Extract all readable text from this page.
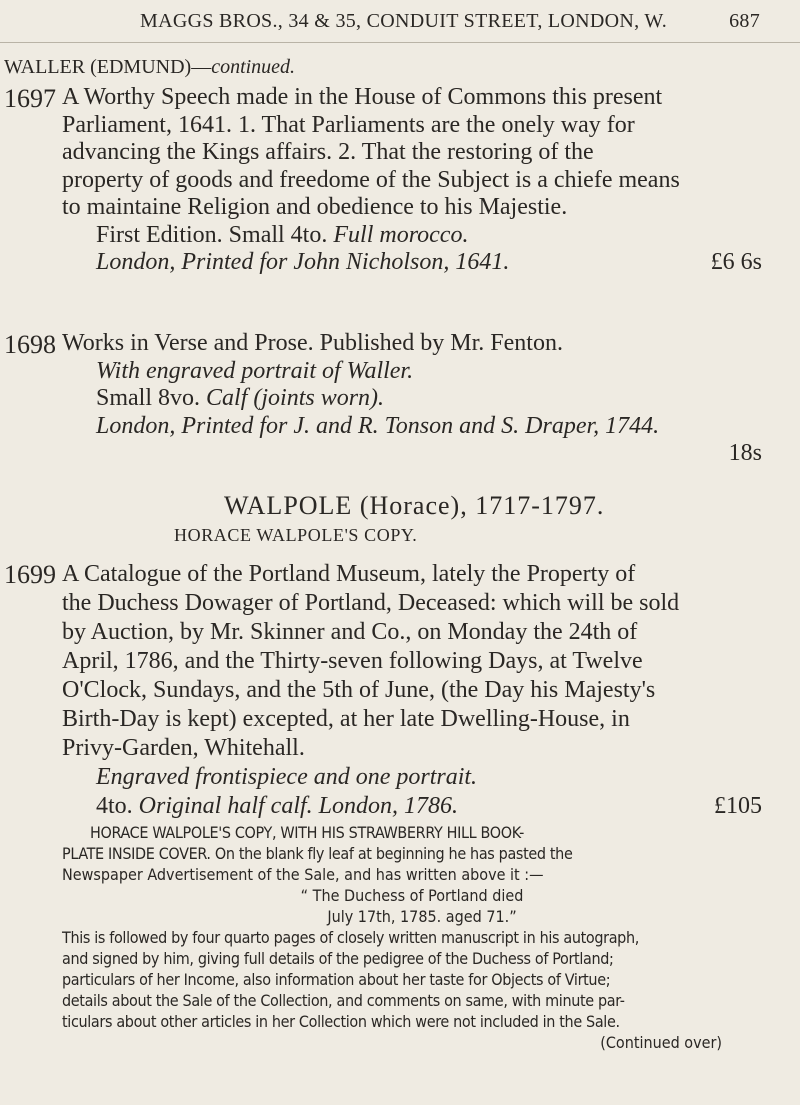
MAGGS BROS., 34 & 35, CONDUIT STREET, LONDON, W.	687
WALLER (EDMUND)—continued.
1697 A Worthy Speech made in the House of Commons this present
Parliament, 1641. 1. That Parliaments are the onely way for
advancing the Kings affairs. 2. That the restoring of the
property of goods and freedome of the Subject is a chiefe means
to maintaine Religion and obedience to his Majestie.
First Edition. Small 4to. Full morocco.
London, Printed for John Nicholson, 1641.	£6 6s
1698 Works in Verse and Prose. Published by Mr. Fenton.
With engraved portrait of Waller.
Small 8vo. Calf (joints worn).
London, Printed for J. and R. Tonson and S. Draper, 1744.
18s
WALPOLE (Horace), 1717-1797.
HORACE WALPOLE'S COPY.
1699 A Catalogue of the Portland Museum, lately the Property of
the Duchess Dowager of Portland, Deceased: which will be sold
by Auction, by Mr. Skinner and Co., on Monday the 24th of
April, 1786, and the Thirty-seven following Days, at Twelve
O'Clock, Sundays, and the 5th of June, (the Day his Majesty's
Birth-Day is kept) excepted, at her late Dwelling-House, in
Privy-Garden, Whitehall.
Engraved frontispiece and one portrait.
4to. Original half calf. London, 1786.	£105
HORACE WALPOLE'S COPY, WITH HIS STRAWBERRY HILL BOOK-
PLATE INSIDE COVER. On the blank fly leaf at beginning he has pasted the
Newspaper Advertisement of the Sale, and has written above it :—
“ The Duchess of Portland died
July 17th, 1785. aged 71.”
This is followed by four quarto pages of closely written manuscript in his autograph,
and signed by him, giving full details of the pedigree of the Duchess of Portland;
particulars of her Income, also information about her taste for Objects of Virtue;
details about the Sale of the Collection, and comments on same, with minute par-
ticulars about other articles in her Collection which were not included in the Sale.
(Continued over)
